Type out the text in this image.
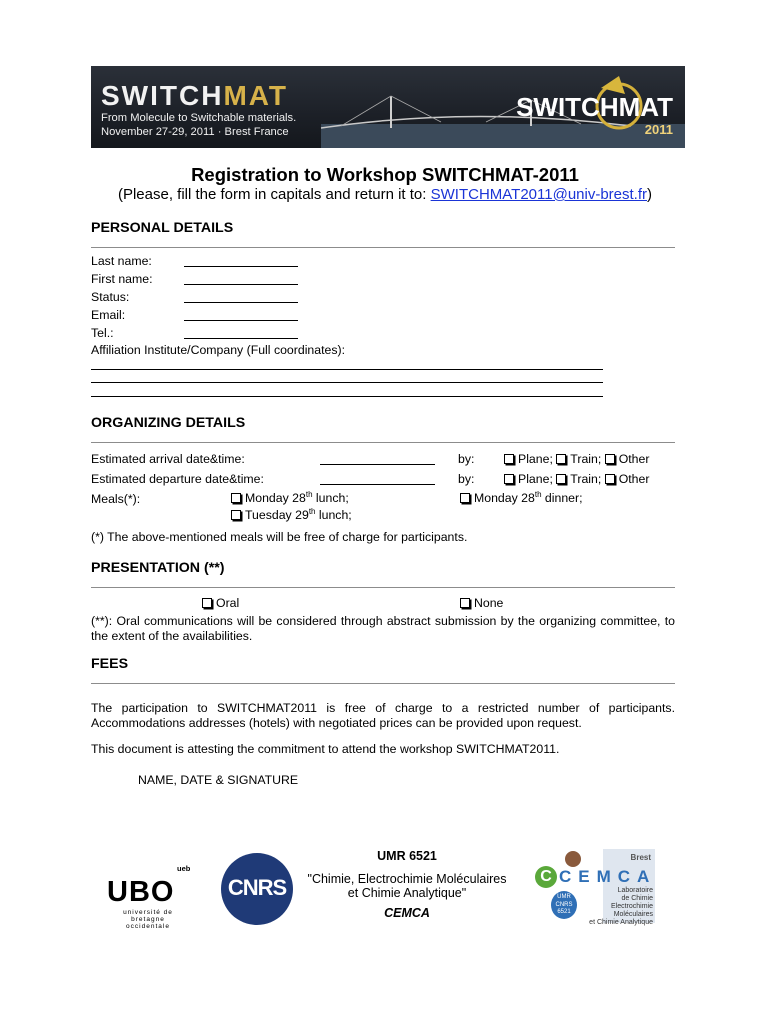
SWITCHMAT
From Molecule to Switchable materials.
November 27-29, 2011 · Brest France
SWITCHMAT
2011
Registration to Workshop SWITCHMAT-2011
(Please, fill the form in capitals and return it to: SWITCHMAT2011@univ-brest.fr)
PERSONAL DETAILS
Last name:
First name:
Status:
Email:
Tel.:
Affiliation Institute/Company (Full coordinates):
ORGANIZING DETAILS
Estimated arrival date&time:	by:	Plane; Train; Other
Estimated departure date&time:	by:	Plane; Train; Other
Meals(*):	Monday 28th lunch;
Tuesday 29th lunch;
Monday 28th dinner;
(*) The above-mentioned meals will be free of charge for participants.
PRESENTATION (**)
Oral	None
(**): Oral communications will be considered through abstract submission by the organizing committee, to the extent of the availabilities.
FEES
The participation to SWITCHMAT2011 is free of charge to a restricted number of participants. Accommodations addresses (hotels) with negotiated prices can be provided upon request.
This document is attesting the commitment to attend the workshop SWITCHMAT2011.
NAME, DATE & SIGNATURE
UBO
université de bretagne
occidentale
ueb
CNRS
UMR 6521
"Chimie, Electrochimie Moléculaires
et Chimie Analytique"
CEMCA
Brest
C CEMCA
UMR
CNRS
6521
Laboratoire
de Chimie
Electrochimie
Moléculaires
et Chimie Analytique
